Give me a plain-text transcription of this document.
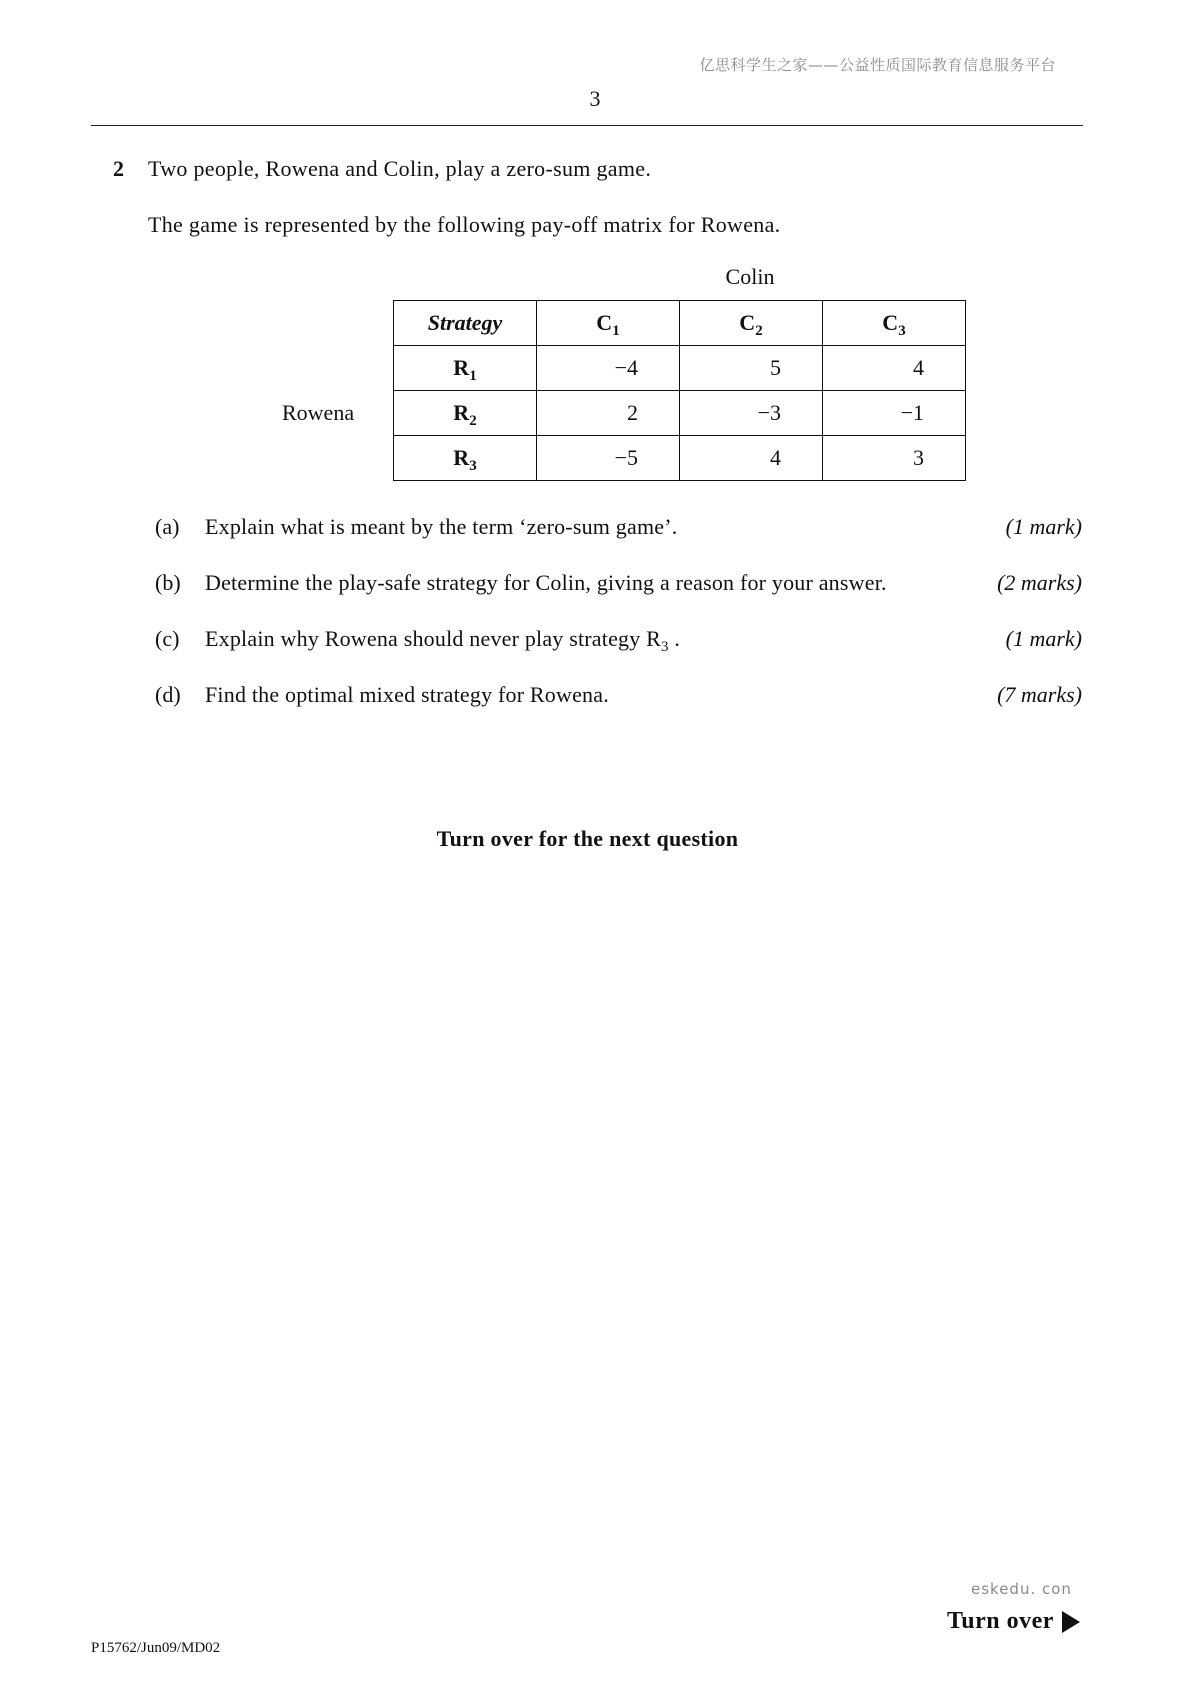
亿思科学生之家——公益性质国际教育信息服务平台
3
2 Two people, Rowena and Colin, play a zero-sum game.
The game is represented by the following pay-off matrix for Rowena.
Colin
Rowena
Strategy	$C_1$	$C_2$	$C_3$
$R_1$	−4	5	4
$R_2$	2	−3	−1
$R_3$	−5	4	3
(a) Explain what is meant by the term ‘zero-sum game’.	(1 mark)
(b) Determine the play-safe strategy for Colin, giving a reason for your answer.	(2 marks)
(c) Explain why Rowena should never play strategy $R_3$ .	(1 mark)
(d) Find the optimal mixed strategy for Rowena.	(7 marks)
Turn over for the next question
eskedu. con
Turn over
P15762/Jun09/MD02
